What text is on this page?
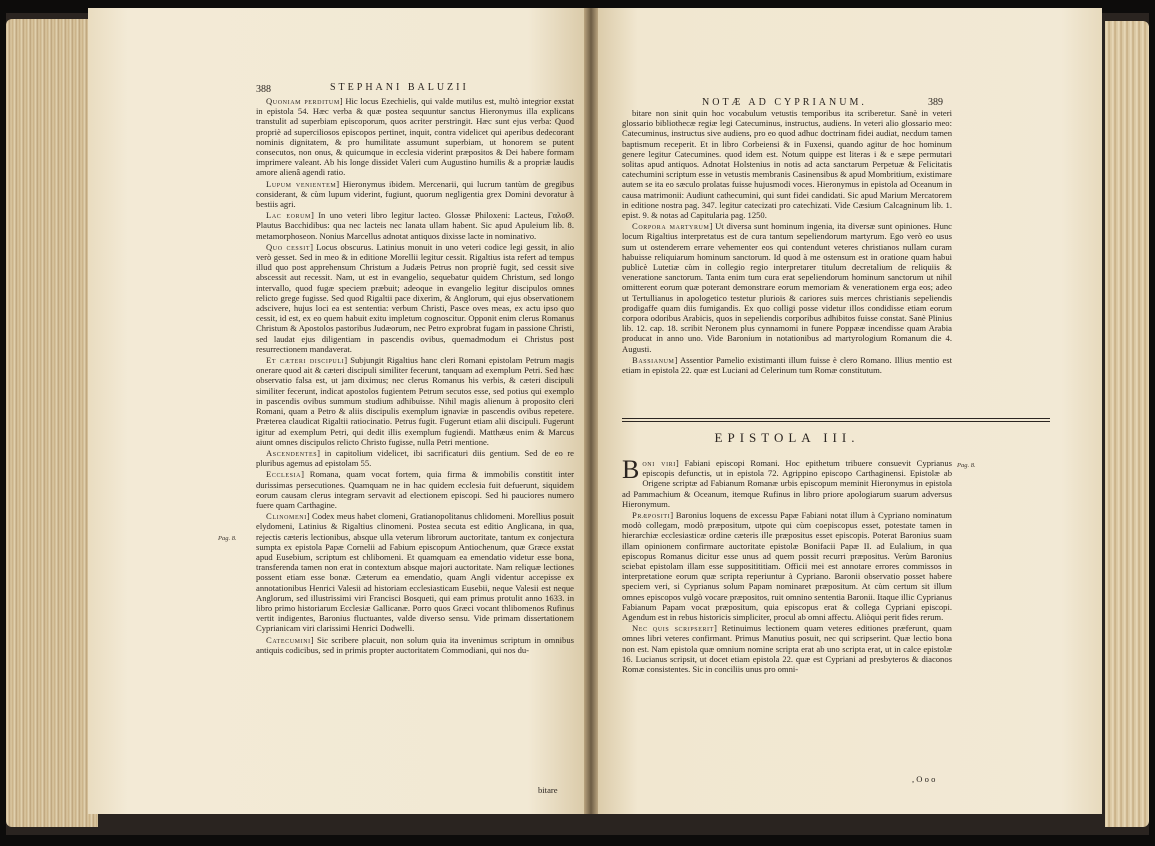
388	STEPHANI BALUZII
Pag. 8.

Quoniam perditum] Hic locus Ezechielis, qui valde mutilus est, multò integrior exstat in epistola 54. Hæc verba & quæ postea sequuntur sanctus Hieronymus illa explicans transtulit ad superbiam episcoporum, quos acriter perstringit. Hæc sunt ejus verba: Quod propriè ad superciliosos episcopos pertinet, inquit, contra videlicet qui aperibus dedecorant nominis dignitatem, & pro humilitate assumunt superbiam, ut honorem se putent consecutos, non onus, & quicumque in ecclesia viderint præpositos & Dei habere formam imprimere valeant. Ab his longe dissidet Valeri cum Augustino humilis & a propriæ laudis amore alienâ agendi ratio.

Lupum venientem] Hieronymus ibidem. Mercenarii, qui lucrum tantùm de gregibus considerant, & cùm lupum viderint, fugiunt, quorum negligentia grex Domini devoratur à bestiis agri.

Lac eorum] In uno veteri libro legitur lacteo. Glossæ Philoxeni: Lacteus, ГαλοØ. Plautus Bacchidibus: qua nec lacteis nec lanata ullam habent. Sic apud Apuleium lib. 8. metamorphoseon. Nonius Marcellus adnotat antiquos dixisse lacte in nominativo.

Quo cessit] Locus obscurus. Latinius monuit in uno veteri codice legi gessit, in alio verò gesset. Sed in meo & in editione Morellii legitur cessit. Rigaltius ista refert ad tempus illud quo post apprehensum Christum a Judæis Petrus non propriè fugit, sed cessit sive abscessit aut recessit. Nam, ut est in evangelio, sequebatur quidem Christum, sed longo intervallo, quod fugæ speciem præbuit; adeoque in evangelio legitur discipulos omnes relicto grege fugisse. Sed quod Rigaltii pace dixerim, & Anglorum, qui ejus observationem adscivere, hujus loci ea est sententia: verbum Christi, Pasce oves meas, ex actu ipso quo cessit, id est, ex eo quem habuit exitu impletum cognoscitur. Opponit enim clerus Romanus Christum & Apostolos pastoribus Judæorum, nec Petro exprobrat fugam in passione Christi, sed laudat ejus diligentiam in pascendis ovibus, quemadmodum ei Christus post resurrectionem mandaverat.

Et cæteri discipuli] Subjungit Rigaltius hanc cleri Romani epistolam Petrum magis onerare quod ait & cæteri discipuli similiter fecerunt, tanquam ad exemplum Petri. Sed hæc observatio falsa est, ut jam diximus; nec clerus Romanus his verbis, & cæteri discipuli similiter fecerunt, indicat apostolos fugientem Petrum secutos esse, sed potius qui exemplo in pascendis ovibus summum studium adhibuisse. Nihil magis alienum à proposito cleri Romani, quam a Petro & aliis discipulis exemplum ignaviæ in pascendis ovibus repetere. Præterea claudicat Rigaltii ratiocinatio. Petrus fugit. Fugerunt etiam alii discipuli. Fugerunt igitur ad exemplum Petri, qui dedit illis exemplum fugiendi. Matthæus enim & Marcus aiunt omnes discipulos relicto Christo fugisse, nulla Petri mentione.

Ascendentes] in capitolium videlicet, ibi sacrificaturi diis gentium. Sed de eo re pluribus agemus ad epistolam 55.

Ecclesia] Romana, quam vocat fortem, quia firma & immobilis constitit inter durissimas persecutiones. Quamquam ne in hac quidem ecclesia fuit defuerunt, siquidem eorum causam clerus integram servavit ad electionem episcopi. Sed hi pauciores numero fuere quam Carthagine.

Clinomeni] Codex meus habet clomeni, Gratianopolitanus chlidomeni. Morellius posuit elydomeni, Latinius & Rigaltius clinomeni. Postea secuta est editio Anglicana, in qua, rejectis cæteris lectionibus, absque ulla veterum librorum auctoritate, tantum ex conjectura sumpta ex epistola Papæ Cornelii ad Fabium episcopum Antiochenum, quæ Græce exstat apud Eusebium, scriptum est chlibomeni. Et quamquam ea emendatio videtur esse bona, transferenda tamen non erat in contextum absque majori auctoritate. Nam reliquæ lectiones possent etiam esse bonæ. Cæterum ea emendatio, quam Angli videntur accepisse ex annotationibus Henrici Valesii ad historiam ecclesiasticam Eusebii, neque Valesii est neque Anglorum, sed illustrissimi viri Francisci Bosqueti, qui eam primus protulit anno 1633. in libro primo historiarum Ecclesiæ Gallicanæ. Porro quos Græci vocant thlibomenos Rufinus vertit indigentes, Baronius fluctuantes, valde diverso sensu. Vide primam dissertationem Cyprianicam viri clarissimi Henrici Dodwelli.

Catecumini] Sic scribere placuit, non solum quia ita invenimus scriptum in omnibus antiquis codicibus, sed in primis propter auctoritatem Commodiani, qui nos du-

bitare
NOTÆ AD CYPRIANUM.	389

bitare non sinit quin hoc vocabulum vetustis temporibus ita scriberetur. Sanè in veteri glossario bibliothecæ regiæ legi Catecuminus, instructus, audiens. In veteri alio glossario meo: Catecuminus, instructus sive audiens, pro eo quod adhuc doctrinam fidei audiat, necdum tamen baptismum receperit. Et in libro Corbeiensi & in Fuxensi, quando agitur de hoc hominum genere legitur Catecumines. quod idem est. Notum quippe est literas i & e sæpe permutari solitas apud antiquos. Adnotat Holstenius in notis ad acta sanctarum Perpetuæ & Felicitatis catechumini scriptum esse in vetustis membranis Casinensibus & apud Mombritium, existimare autem se ita eo sæculo prolatas fuisse hujusmodi voces. Hieronymus in epistola ad Oceanum in causa matrimonii: Audiunt cathecumini, qui sunt fidei candidati. Sic apud Marium Mercatorem in editione nostra pag. 347. legitur catecizati pro catechizati. Vide Cæsium Calcagninum lib. 1. epist. 9. & notas ad Capitularia pag. 1250.

Corpora martyrum] Ut diversa sunt hominum ingenia, ita diversæ sunt opiniones. Hunc locum Rigaltius interpretatus est de cura tantum sepeliendorum martyrum. Ego verò eo usus sum ut ostenderem errare vehementer eos qui contendunt veteres christianos nullam curam habuisse reliquiarum hominum sanctorum. Id quod à me ostensum est in oratione quam habui publicè Lutetiæ cùm in collegio regio interpretarer titulum decretalium de reliquiis & veneratione sanctorum. Tanta enim tum cura erat sepeliendorum hominum sanctorum ut nihil omitterent eorum quæ poterant demonstrare eorum memoriam & venerationem erga eos; adeo ut Tertullianus in apologetico testetur pluriois & cariores suis merces christianis sepeliendis prodigaffe quam diis fumigandis. Ex quo colligi posse videtur illos condidisse etiam eorum corpora odoribus Arabicis, quos in sepeliendis corporibus adhibitos fuisse constat. Sanè Plinius lib. 12. cap. 18. scribit Neronem plus cynnamomi in funere Poppææ incendisse quam Arabia producat in anno uno. Vide Baronium in notationibus ad martyrologium Romanum die 4. Augusti.

Bassianum] Assentior Pamelio existimanti illum fuisse è clero Romano. Illius mentio est etiam in epistola 22. quæ est Luciani ad Celerinum tum Romæ constitutum.

EPISTOLA III.
Pag. 8.

Boni viri] Fabiani episcopi Romani. Hoc epithetum tribuere consuevit Cyprianus episcopis defunctis, ut in epistola 72. Agrippino episcopo Carthaginensi. Epistolæ ab Origene scriptæ ad Fabianum Romanæ urbis episcopum meminit Hieronymus in epistola ad Pammachium & Oceanum, itemque Rufinus in libro priore apologiarum suarum adversus Hieronymum.

Præpositi] Baronius loquens de excessu Papæ Fabiani notat illum à Cypriano nominatum modò collegam, modò præpositum, utpote qui cùm coepiscopus esset, potestate tamen in hierarchiæ ecclesiasticæ ordine cæteris ille præpositus esset episcopis. Poterat Baronius suam illam opinionem confirmare auctoritate epistolæ Bonifacii Papæ II. ad Eulalium, in qua episcopus Romanus dicitur esse unus ad quem possit recurri præpositus. Verùm Baronius sciebat epistolam illam esse suppositititiam. Officii mei est annotare errores commissos in interpretatione eorum quæ scripta reperiuntur à Cypriano. Baronii observatio posset habere speciem veri, si Cyprianus solum Papam nominaret præpositum. At cùm certum sit illum omnes episcopos vulgò vocare præpositos, ruit omnino sententia Baronii. Itaque illic Cyprianus Fabianum Papam vocat præpositum, quia episcopus erat & collega Cypriani episcopi. Agendum est in rebus historicis simpliciter, procul ab omni affectu. Aliòqui perit fides rerum.

Nec quis scripserit] Retinuimus lectionem quam veteres editiones præferunt, quam omnes libri veteres confirmant. Primus Manutius posuit, nec qui scripserint. Quæ lectio bona non est. Nam epistola quæ omnium nomine scripta erat ab uno scripta erat, ut in calce epistolæ 16. Lucianus scripsit, ut docet etiam epistola 22. quæ est Cypriani ad presbyteros & diaconos Romæ consistentes. Sic in conciliis unus pro omni-

, O o o
